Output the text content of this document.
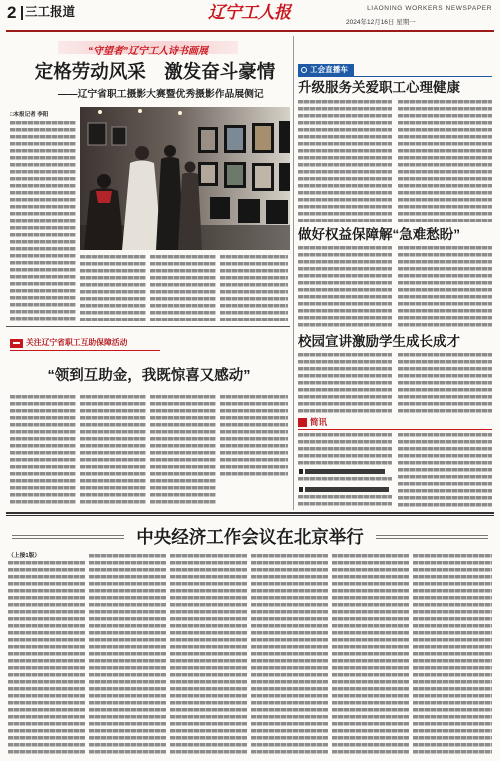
2 三工报道	辽宁工人报	LIAONING WORKERS NEWSPAPER
2024年12月16日 星期一
“守望者”辽宁工人诗书画展
定格劳动风采　激发奋斗豪情
——辽宁省职工摄影大赛暨优秀摄影作品展侧记
□本报记者 李阳
关注辽宁省职工互助保障活动
“领到互助金，我既惊喜又感动”
工会直播车
升级服务关爱职工心理健康
做好权益保障解“急难愁盼”
校园宣讲激励学生成长成才
简讯
中央经济工作会议在北京举行
（上接1版）
